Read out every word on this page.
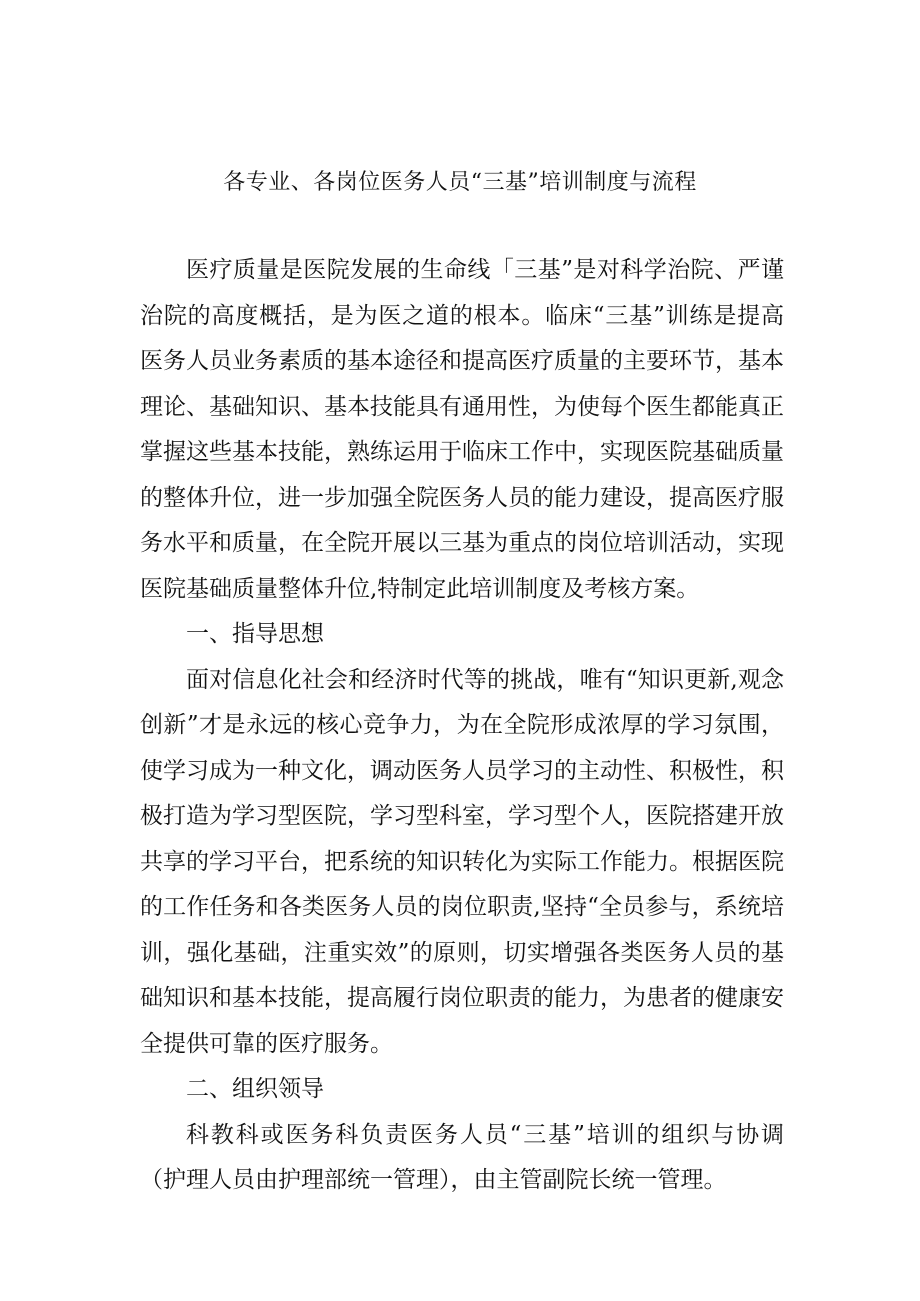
各专业、各岗位医务人员“三基”培训制度与流程

医疗质量是医院发展的生命线「三基”是对科学治院、严谨治院的高度概括，是为医之道的根本。临床“三基”训练是提高医务人员业务素质的基本途径和提高医疗质量的主要环节，基本理论、基础知识、基本技能具有通用性，为使每个医生都能真正掌握这些基本技能，熟练运用于临床工作中，实现医院基础质量的整体升位，进一步加强全院医务人员的能力建设，提高医疗服务水平和质量，在全院开展以三基为重点的岗位培训活动，实现医院基础质量整体升位,特制定此培训制度及考核方案。

一、指导思想

面对信息化社会和经济时代等的挑战，唯有“知识更新,观念创新”才是永远的核心竞争力，为在全院形成浓厚的学习氛围，使学习成为一种文化，调动医务人员学习的主动性、积极性，积极打造为学习型医院，学习型科室，学习型个人，医院搭建开放共享的学习平台，把系统的知识转化为实际工作能力。根据医院的工作任务和各类医务人员的岗位职责,坚持“全员参与，系统培训，强化基础，注重实效”的原则，切实增强各类医务人员的基础知识和基本技能，提高履行岗位职责的能力，为患者的健康安全提供可靠的医疗服务。

二、组织领导

科教科或医务科负责医务人员“三基”培训的组织与协调（护理人员由护理部统一管理），由主管副院长统一管理。
